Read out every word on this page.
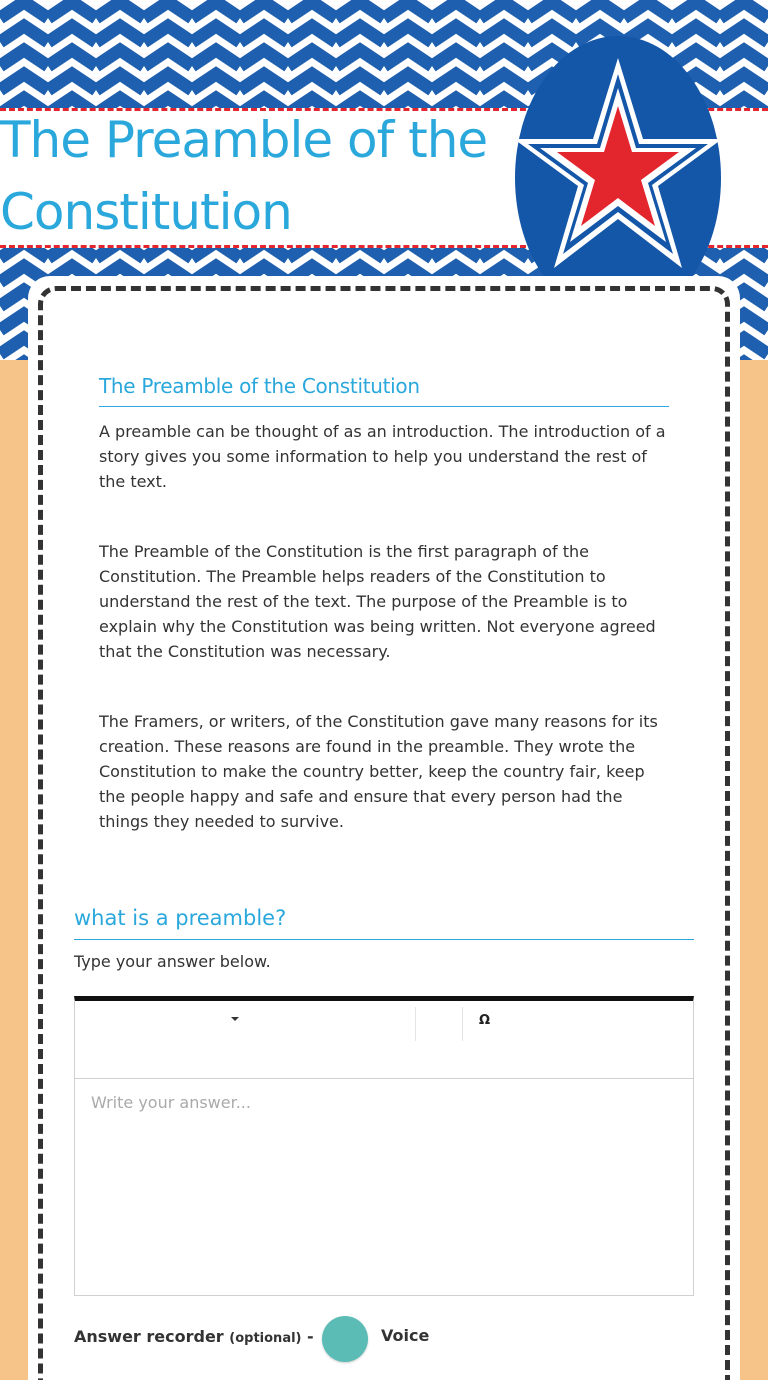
The Preamble of the Constitution
The Preamble of the Constitution

A preamble can be thought of as an introduction. The introduction of a story gives you some information to help you understand the rest of the text.

The Preamble of the Constitution is the first paragraph of the Constitution. The Preamble helps readers of the Constitution to understand the rest of the text. The purpose of the Preamble is to explain why the Constitution was being written. Not everyone agreed that the Constitution was necessary.

The Framers, or writers, of the Constitution gave many reasons for its creation. These reasons are found in the preamble. They wrote the Constitution to make the country better, keep the country fair, keep the people happy and safe and ensure that every person had the things they needed to survive.

what is a preamble?
Type your answer below.
Ω
Write your answer...
Answer recorder (optional) -	Voice
